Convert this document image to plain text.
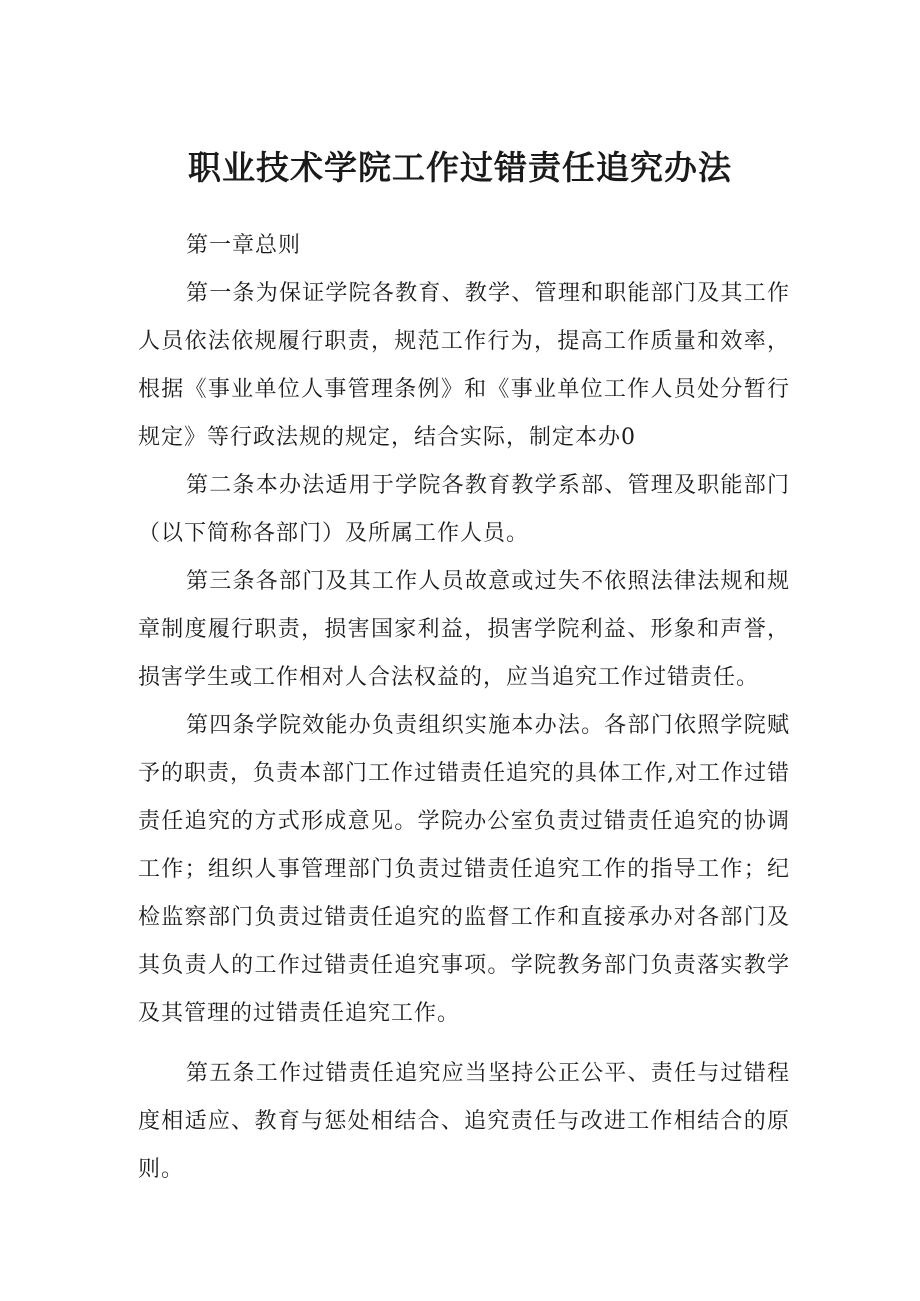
职业技术学院工作过错责任追究办法

第一章总则

第一条为保证学院各教育、教学、管理和职能部门及其工作人员依法依规履行职责，规范工作行为，提高工作质量和效率，根据《事业单位人事管理条例》和《事业单位工作人员处分暂行规定》等行政法规的规定，结合实际，制定本办0

第二条本办法适用于学院各教育教学系部、管理及职能部门（以下简称各部门）及所属工作人员。

第三条各部门及其工作人员故意或过失不依照法律法规和规章制度履行职责，损害国家利益，损害学院利益、形象和声誉，损害学生或工作相对人合法权益的，应当追究工作过错责任。

第四条学院效能办负责组织实施本办法。各部门依照学院赋予的职责，负责本部门工作过错责任追究的具体工作,对工作过错责任追究的方式形成意见。学院办公室负责过错责任追究的协调工作；组织人事管理部门负责过错责任追究工作的指导工作；纪检监察部门负责过错责任追究的监督工作和直接承办对各部门及其负责人的工作过错责任追究事项。学院教务部门负责落实教学及其管理的过错责任追究工作。

第五条工作过错责任追究应当坚持公正公平、责任与过错程度相适应、教育与惩处相结合、追究责任与改进工作相结合的原则。
